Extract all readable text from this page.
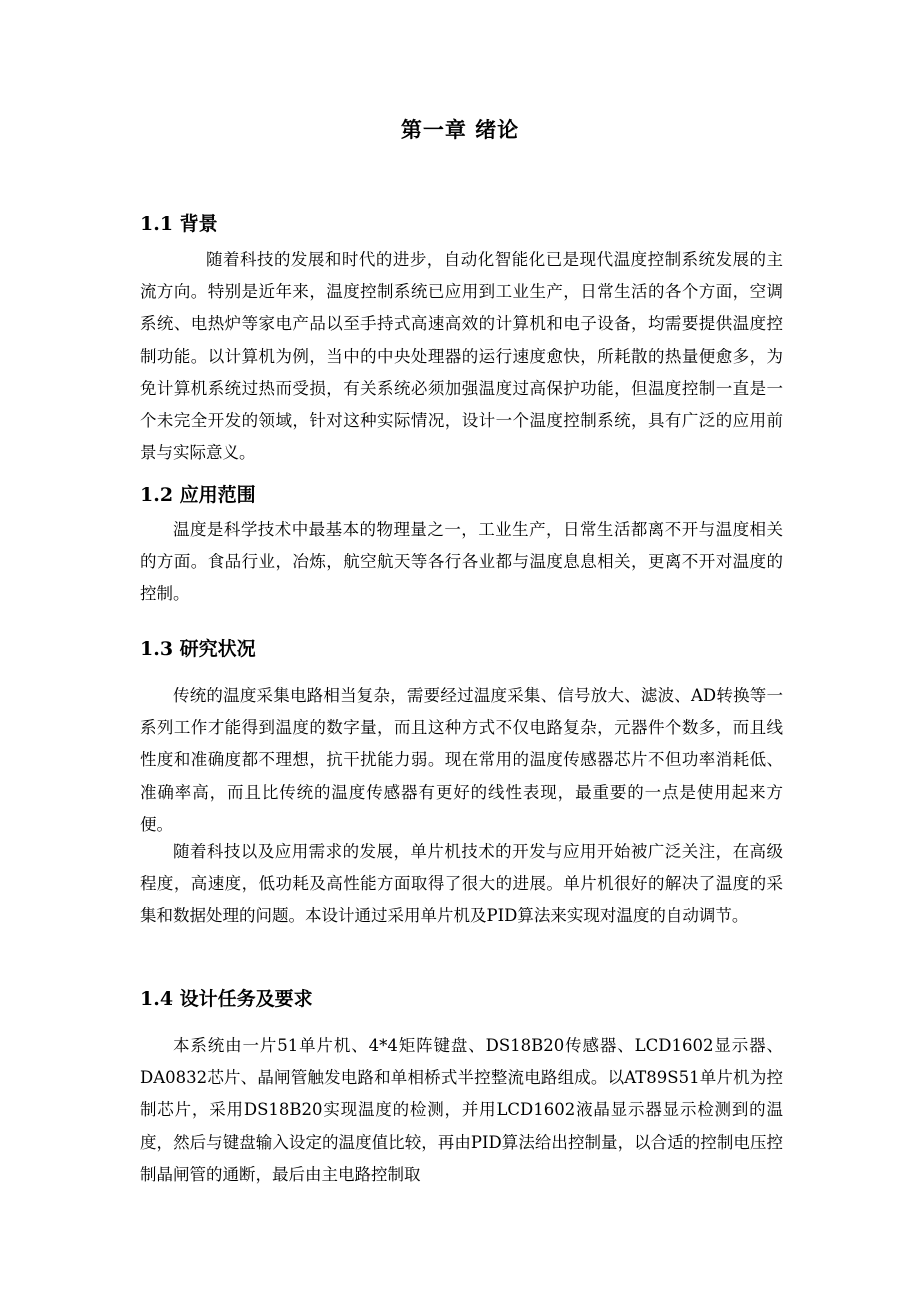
第一章 绪论
1.1 背景

随着科技的发展和时代的进步，自动化智能化已是现代温度控制系统发展的主流方向。特别是近年来，温度控制系统已应用到工业生产，日常生活的各个方面，空调系统、电热炉等家电产品以至手持式高速高效的计算机和电子设备，均需要提供温度控制功能。以计算机为例，当中的中央处理器的运行速度愈快，所耗散的热量便愈多，为免计算机系统过热而受损，有关系统必须加强温度过高保护功能，但温度控制一直是一个未完全开发的领域，针对这种实际情况，设计一个温度控制系统，具有广泛的应用前景与实际意义。

1.2 应用范围

温度是科学技术中最基本的物理量之一，工业生产，日常生活都离不开与温度相关的方面。食品行业，冶炼，航空航天等各行各业都与温度息息相关，更离不开对温度的控制。

1.3 研究状况

传统的温度采集电路相当复杂，需要经过温度采集、信号放大、滤波、AD转换等一系列工作才能得到温度的数字量，而且这种方式不仅电路复杂，元器件个数多，而且线性度和准确度都不理想，抗干扰能力弱。现在常用的温度传感器芯片不但功率消耗低、准确率高，而且比传统的温度传感器有更好的线性表现，最重要的一点是使用起来方便。

随着科技以及应用需求的发展，单片机技术的开发与应用开始被广泛关注，在高级程度，高速度，低功耗及高性能方面取得了很大的进展。单片机很好的解决了温度的采集和数据处理的问题。本设计通过采用单片机及PID算法来实现对温度的自动调节。

1.4 设计任务及要求

本系统由一片51单片机、4*4矩阵键盘、DS18B20传感器、LCD1602显示器、DA0832芯片、晶闸管触发电路和单相桥式半控整流电路组成。以AT89S51单片机为控制芯片，采用DS18B20实现温度的检测，并用LCD1602液晶显示器显示检测到的温度，然后与键盘输入设定的温度值比较，再由PID算法给出控制量，以合适的控制电压控制晶闸管的通断，最后由主电路控制取
